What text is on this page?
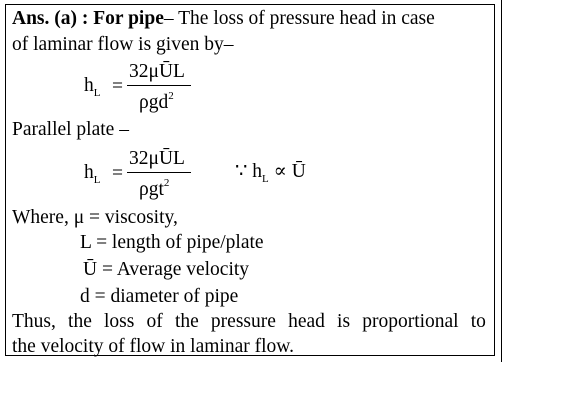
Ans. (a) : For pipe– The loss of pressure head in case
of laminar flow is given by–
$h_L$ =
32μŪL
ρgd$^2$
Parallel plate –
$h_L$ =
32μŪL
ρgt$^2$
∵ $h_L$ ∝ Ū
Where, μ = viscosity,
L = length of pipe/plate
Ū = Average velocity
d = diameter of pipe
Thus, the loss of the pressure head is proportional to
the velocity of flow in laminar flow.
